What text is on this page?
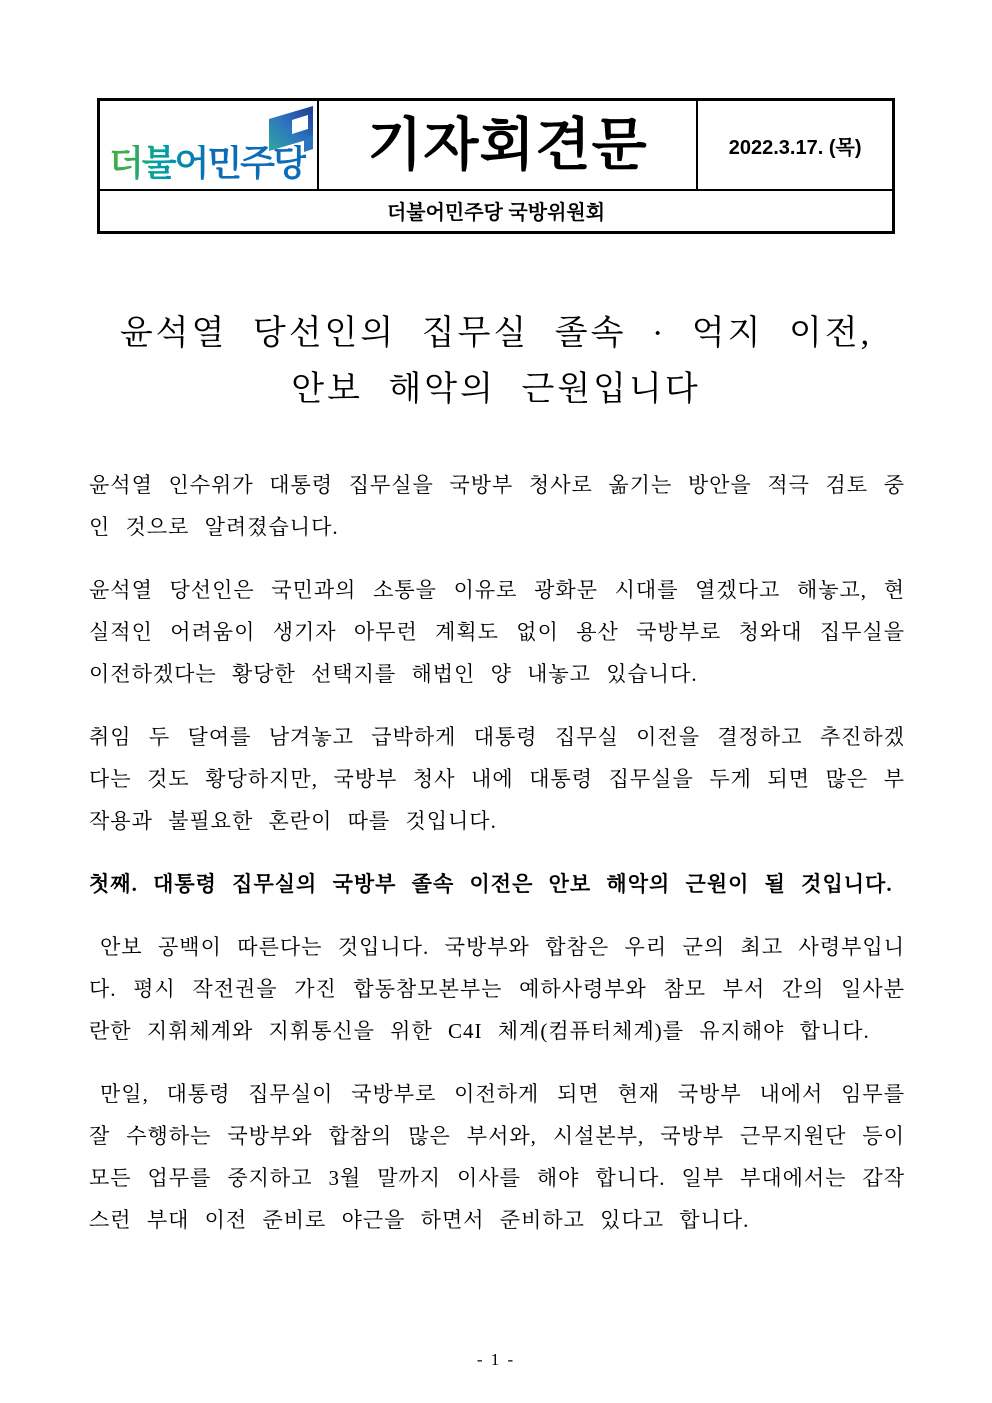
더불어민주당	기자회견문	2022.3.17. (목)
더불어민주당 국방위원회
윤석열 당선인의 집무실 졸속 · 억지 이전,
안보 해악의 근원입니다

윤석열 인수위가 대통령 집무실을 국방부 청사로 옮기는 방안을 적극 검토 중인 것으로 알려졌습니다.

윤석열 당선인은 국민과의 소통을 이유로 광화문 시대를 열겠다고 해놓고, 현실적인 어려움이 생기자 아무런 계획도 없이 용산 국방부로 청와대 집무실을 이전하겠다는 황당한 선택지를 해법인 양 내놓고 있습니다.

취임 두 달여를 남겨놓고 급박하게 대통령 집무실 이전을 결정하고 추진하겠다는 것도 황당하지만, 국방부 청사 내에 대통령 집무실을 두게 되면 많은 부작용과 불필요한 혼란이 따를 것입니다.

첫째. 대통령 집무실의 국방부 졸속 이전은 안보 해악의 근원이 될 것입니다.

안보 공백이 따른다는 것입니다. 국방부와 합참은 우리 군의 최고 사령부입니다. 평시 작전권을 가진 합동참모본부는 예하사령부와 참모 부서 간의 일사분란한 지휘체계와 지휘통신을 위한 C4I 체계(컴퓨터체계)를 유지해야 합니다.

만일, 대통령 집무실이 국방부로 이전하게 되면 현재 국방부 내에서 임무를 잘 수행하는 국방부와 합참의 많은 부서와, 시설본부, 국방부 근무지원단 등이 모든 업무를 중지하고 3월 말까지 이사를 해야 합니다. 일부 부대에서는 갑작스런 부대 이전 준비로 야근을 하면서 준비하고 있다고 합니다.

- 1 -
